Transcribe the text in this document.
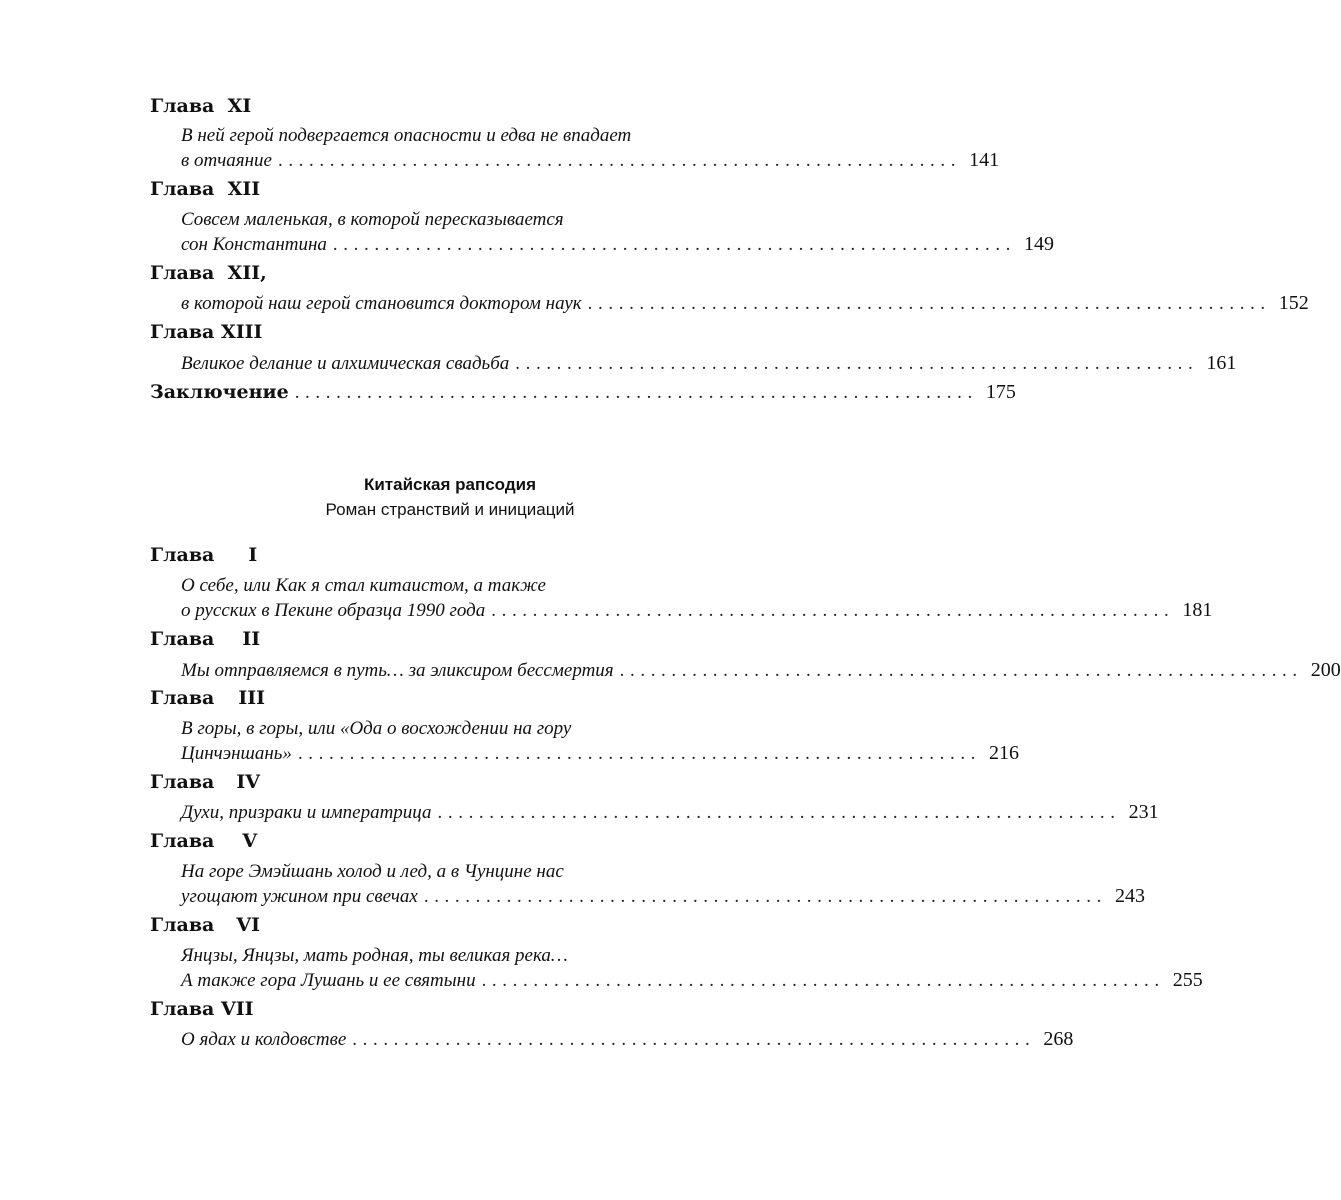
Глава XI
В ней герой подвергается опасности и едва не впадает
в отчаяние .................................................................. 141
Глава XII
Совсем маленькая, в которой пересказывается
сон Константина .................................................................. 149
Глава XII,
в которой наш герой становится доктором наук .................................................................. 152
Глава XIII
Великое делание и алхимическая свадьба .................................................................. 161
Заключение .................................................................. 175
Китайская рапсодия
Роман странствий и инициаций
Глава I
О себе, или Как я стал китаистом, а также
о русских в Пекине образца 1990 года .................................................................. 181
Глава II
Мы отправляемся в путь… за эликсиром бессмертия .................................................................. 200
Глава III
В горы, в горы, или «Ода о восхождении на гору
Цинчэншань» .................................................................. 216
Глава IV
Духи, призраки и императрица .................................................................. 231
Глава V
На горе Эмэйшань холод и лед, а в Чунцине нас
угощают ужином при свечах .................................................................. 243
Глава VI
Янцзы, Янцзы, мать родная, ты великая река…
А также гора Лушань и ее святыни .................................................................. 255
Глава VII
О ядах и колдовстве .................................................................. 268
